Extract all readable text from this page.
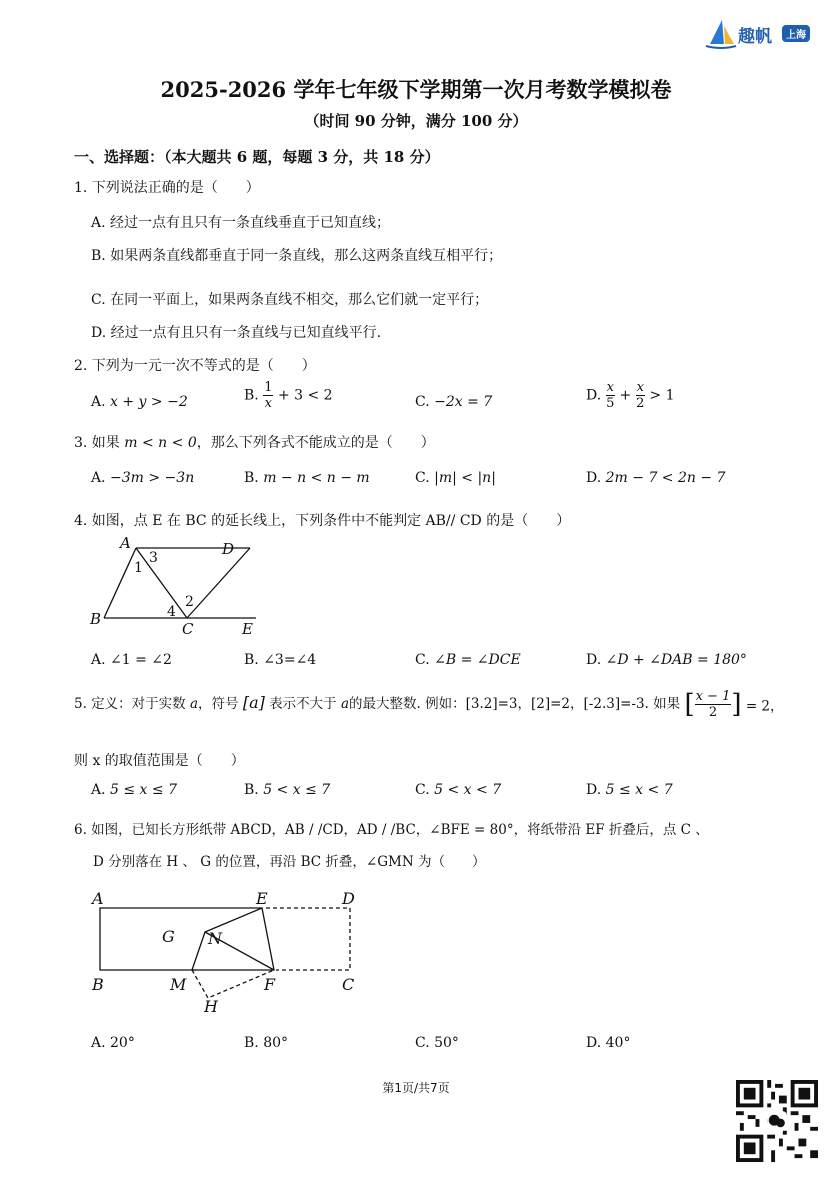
趣帆	上海
2025-2026 学年七年级下学期第一次月考数学模拟卷
（时间 90 分钟，满分 100 分）
一、选择题：（本大题共 6 题，每题 3 分，共 18 分）
1. 下列说法正确的是（　　）
A. 经过一点有且只有一条直线垂直于已知直线；
B. 如果两条直线都垂直于同一条直线，那么这两条直线互相平行；
C. 在同一平面上，如果两条直线不相交，那么它们就一定平行；
D. 经过一点有且只有一条直线与已知直线平行.
2. 下列为一元一次不等式的是（　　）
A. x + y > −2	B. $\frac{1}{x} + 3 < 2$	C. −2x = 7	D. $\frac{x}{5} + \frac{x}{2} > 1$
3. 如果 m < n < 0，那么下列各式不能成立的是（　　）
A. −3m > −3n	B. m − n < n − m	C. |m| < |n|	D. 2m − 7 < 2n − 7
4. 如图，点 E 在 BC 的延长线上，下列条件中不能判定 AB// CD 的是（　　）
A	D
B
C	E
1
2
3
4
A. ∠1 = ∠2	B. ∠3=∠4	C. ∠B = ∠DCE	D. ∠D + ∠DAB = 180°
5. 定义：对于实数 a，符号 [a] 表示不大于 a的最大整数. 例如：[3.2]=3，[2]=2，[-2.3]=-3. 如果 [ $\frac{x - 1}{2}$ ] = 2，
则 x 的取值范围是（　　）
A. 5 ≤ x ≤ 7	B. 5 < x ≤ 7	C. 5 < x < 7	D. 5 ≤ x < 7
6. 如图，已知长方形纸带 ABCD，AB / /CD，AD / /BC，∠BFE = 80°，将纸带沿 EF 折叠后，点 C 、
D 分别落在 H 、 G 的位置，再沿 BC 折叠，∠GMN 为（　　）
A	E	D
G N
B	M	F	C
H
A. 20°	B. 80°	C. 50°	D. 40°
第1页/共7页
